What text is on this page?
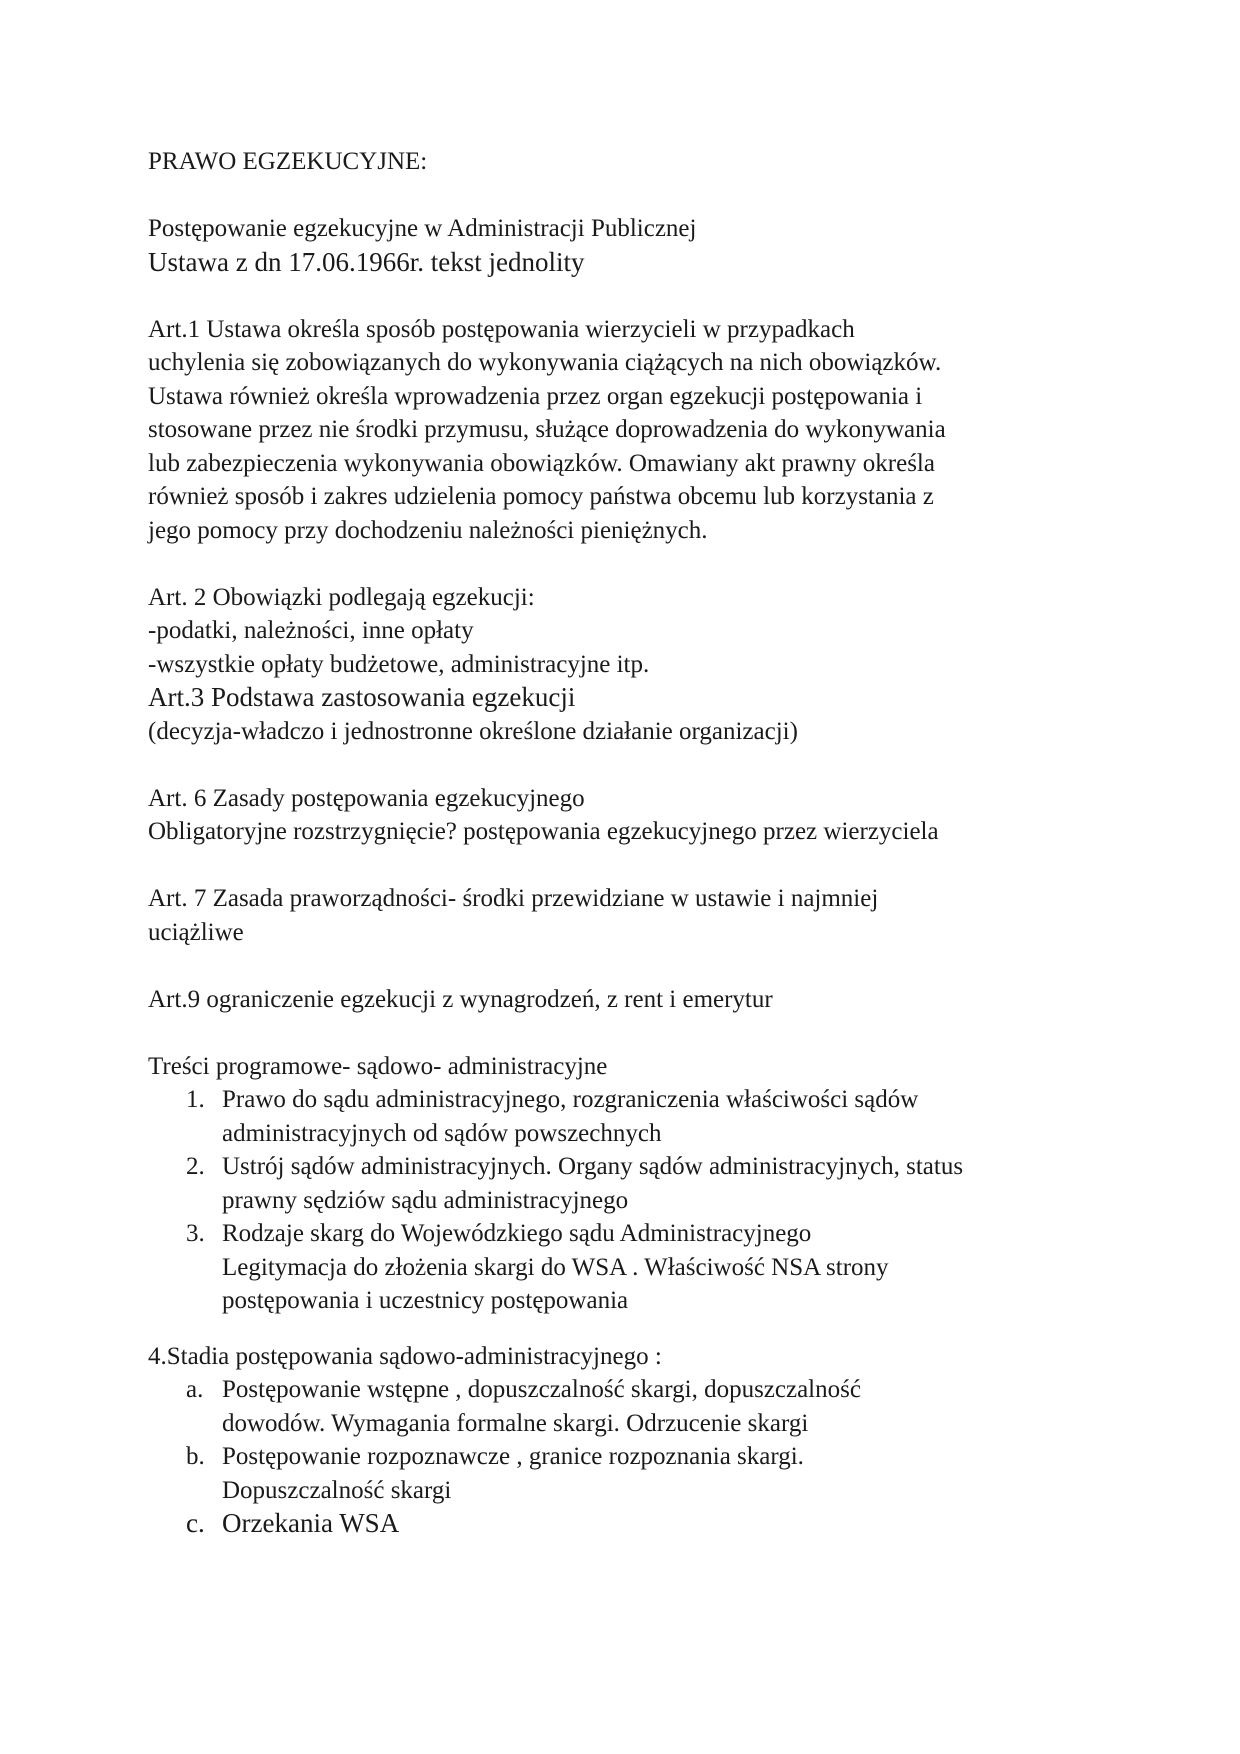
PRAWO EGZEKUCYJNE:
Postępowanie egzekucyjne w Administracji Publicznej
Ustawa z dn 17.06.1966r. tekst jednolity
Art.1 Ustawa określa sposób postępowania wierzycieli w przypadkach
uchylenia się zobowiązanych do wykonywania ciążących na nich obowiązków.
Ustawa również określa wprowadzenia przez organ egzekucji postępowania i
stosowane przez nie środki przymusu, służące doprowadzenia do wykonywania
lub zabezpieczenia wykonywania obowiązków. Omawiany akt prawny określa
również sposób i zakres udzielenia pomocy państwa obcemu lub korzystania z
jego pomocy przy dochodzeniu należności pieniężnych.
Art. 2 Obowiązki podlegają egzekucji:
-podatki, należności, inne opłaty
-wszystkie opłaty budżetowe, administracyjne itp.
Art.3 Podstawa zastosowania egzekucji
(decyzja-władczo i jednostronne określone działanie organizacji)
Art. 6 Zasady postępowania egzekucyjnego
Obligatoryjne rozstrzygnięcie? postępowania egzekucyjnego przez wierzyciela
Art. 7 Zasada praworządności- środki przewidziane w ustawie i najmniej
uciążliwe
Art.9 ograniczenie egzekucji z wynagrodzeń, z rent i emerytur
Treści programowe- sądowo- administracyjne
1. Prawo do sądu administracyjnego, rozgraniczenia właściwości sądów
administracyjnych od sądów powszechnych
2. Ustrój sądów administracyjnych. Organy sądów administracyjnych, status
prawny sędziów sądu administracyjnego
3. Rodzaje skarg do Wojewódzkiego sądu Administracyjnego
Legitymacja do złożenia skargi do WSA . Właściwość NSA strony
postępowania i uczestnicy postępowania
4.Stadia postępowania sądowo-administracyjnego :
a. Postępowanie wstępne , dopuszczalność skargi, dopuszczalność
dowodów. Wymagania formalne skargi. Odrzucenie skargi
b. Postępowanie rozpoznawcze , granice rozpoznania skargi.
Dopuszczalność skargi
c. Orzekania WSA
